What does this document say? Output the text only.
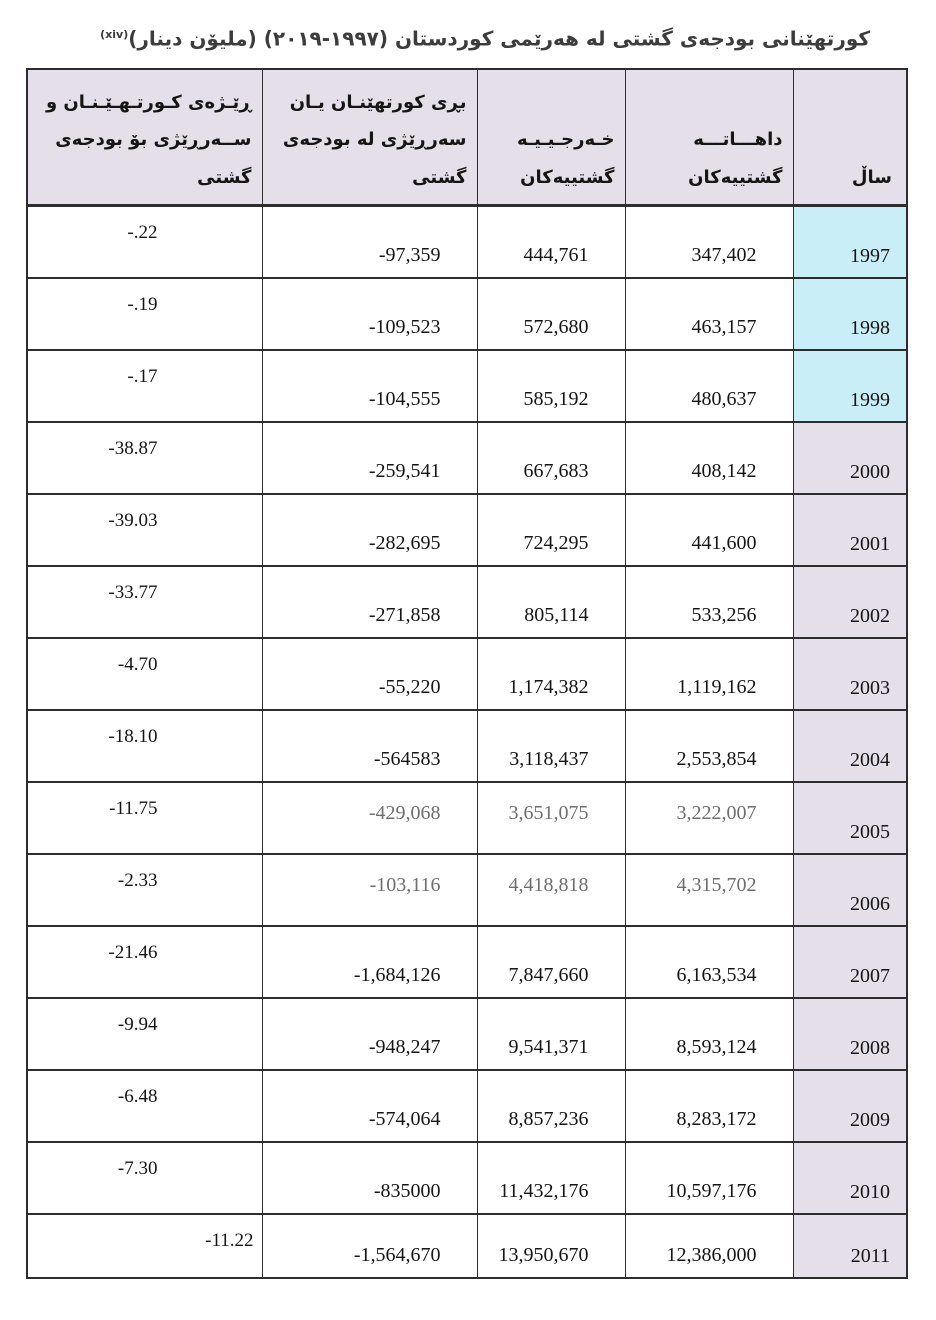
کورتهێنانی بودجەی گشتی لە هەرێمی کوردستان (١٩٩٧-٢٠١٩) (ملیۆن دینار)$^{(xiv)}$
ساڵ	داهـــاتـــە گشتییەکان	خـەرجـیـیـە گشتییەکان	بڕی کورتهێنـان یـان سەرڕێژی لە بودجەی گشتی	ڕێـژەی کـورتـهـێـنـان و ســەرڕێژی بۆ بودجەی گشتی
1997	347,402	444,761	-97,359	-.22
1998	463,157	572,680	-109,523	-.19
1999	480,637	585,192	-104,555	-.17
2000	408,142	667,683	-259,541	-38.87
2001	441,600	724,295	-282,695	-39.03
2002	533,256	805,114	-271,858	-33.77
2003	1,119,162	1,174,382	-55,220	-4.70
2004	2,553,854	3,118,437	-564583	-18.10
2005	3,222,007	3,651,075	-429,068	-11.75
2006	4,315,702	4,418,818	-103,116	-2.33
2007	6,163,534	7,847,660	-1,684,126	-21.46
2008	8,593,124	9,541,371	-948,247	-9.94
2009	8,283,172	8,857,236	-574,064	-6.48
2010	10,597,176	11,432,176	-835000	-7.30
2011	12,386,000	13,950,670	-1,564,670	-11.22
